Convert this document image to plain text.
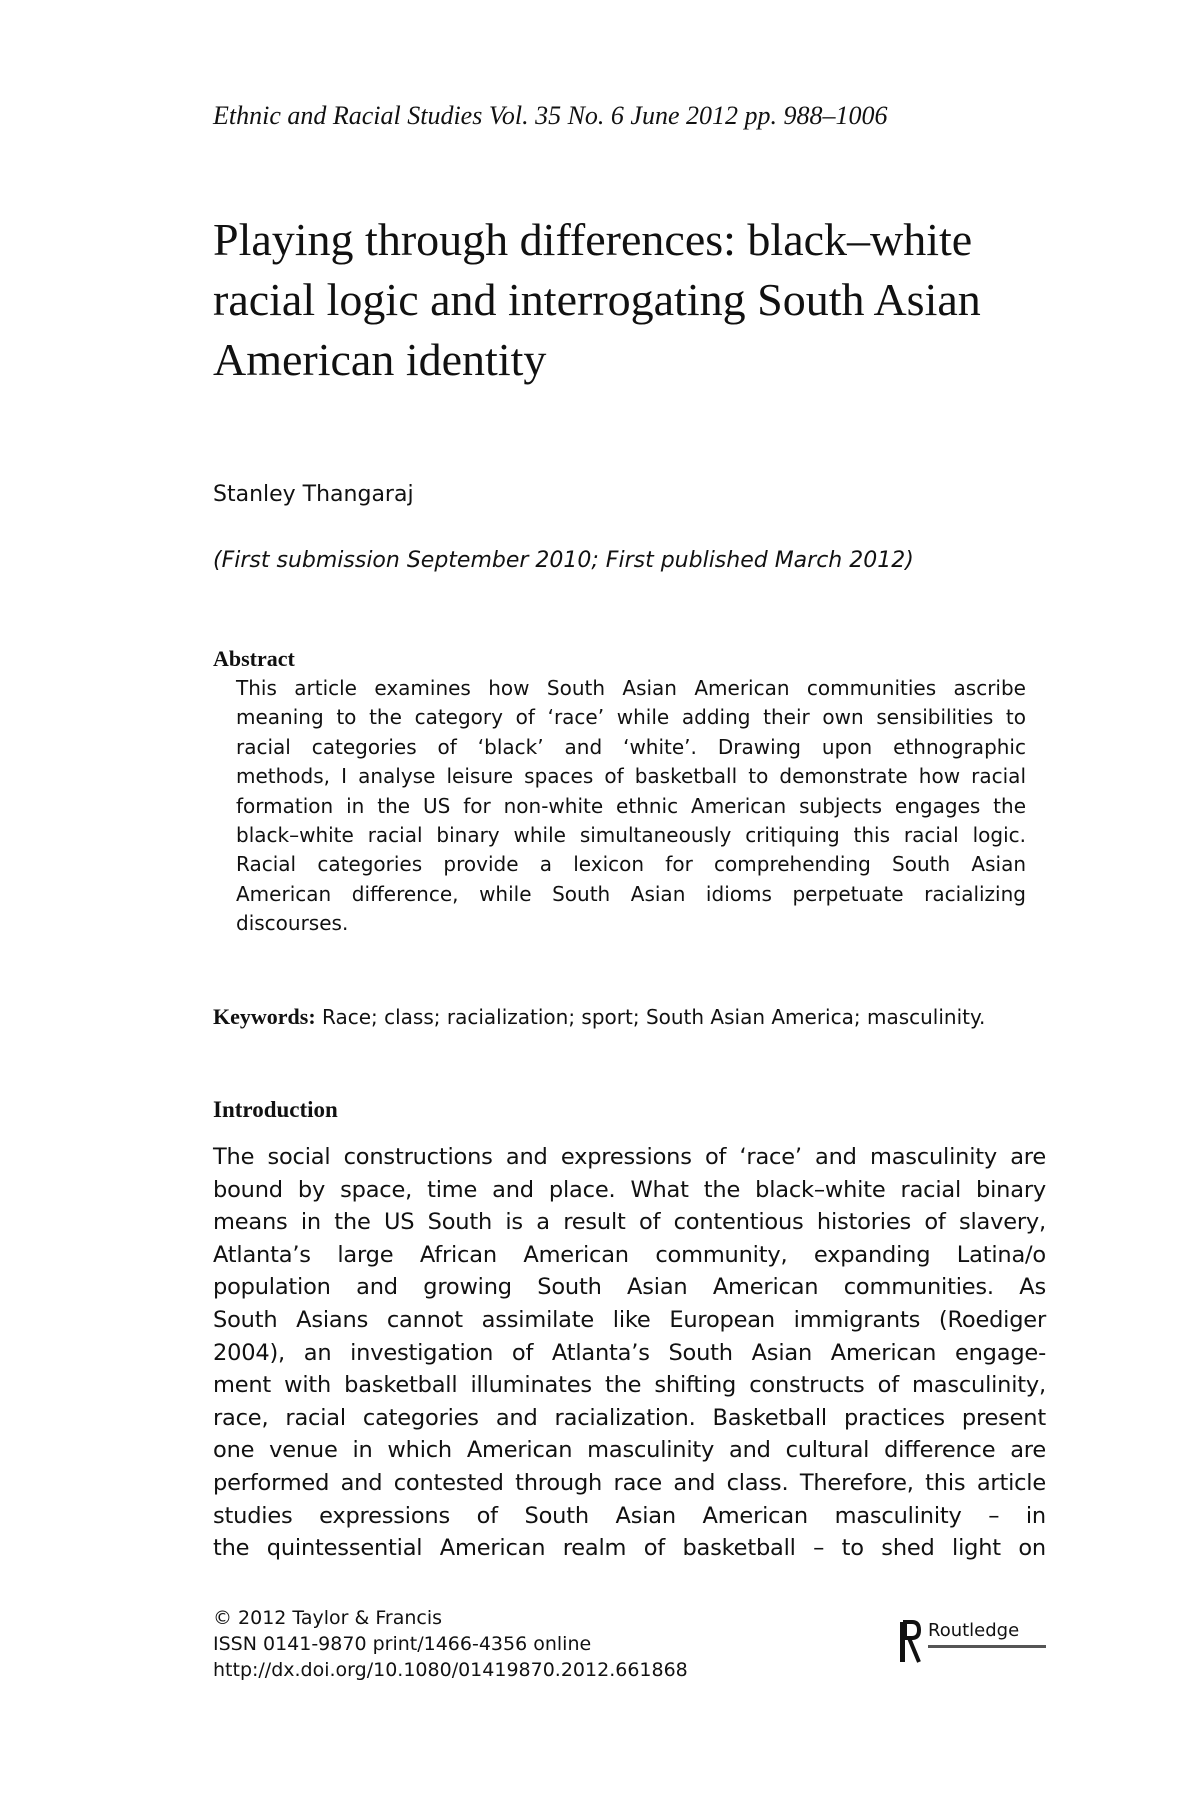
Ethnic and Racial Studies Vol. 35 No. 6 June 2012 pp. 988–1006
Playing through differences: black–white
racial logic and interrogating South Asian
American identity
Stanley Thangaraj
(First submission September 2010; First published March 2012)
Abstract
This article examines how South Asian American communities ascribe
meaning to the category of ‘race’ while adding their own sensibilities to
racial categories of ‘black’ and ‘white’. Drawing upon ethnographic
methods, I analyse leisure spaces of basketball to demonstrate how racial
formation in the US for non-white ethnic American subjects engages the
black–white racial binary while simultaneously critiquing this racial logic.
Racial categories provide a lexicon for comprehending South Asian
American difference, while South Asian idioms perpetuate racializing
discourses.
Keywords: Race; class; racialization; sport; South Asian America; masculinity.
Introduction
The social constructions and expressions of ‘race’ and masculinity are
bound by space, time and place. What the black–white racial binary
means in the US South is a result of contentious histories of slavery,
Atlanta’s large African American community, expanding Latina/o
population and growing South Asian American communities. As
South Asians cannot assimilate like European immigrants (Roediger
2004), an investigation of Atlanta’s South Asian American engage-
ment with basketball illuminates the shifting constructs of masculinity,
race, racial categories and racialization. Basketball practices present
one venue in which American masculinity and cultural difference are
performed and contested through race and class. Therefore, this article
studies expressions of South Asian American masculinity – in
the quintessential American realm of basketball – to shed light on
© 2012 Taylor & Francis
ISSN 0141-9870 print/1466-4356 online
http://dx.doi.org/10.1080/01419870.2012.661868
Routledge
